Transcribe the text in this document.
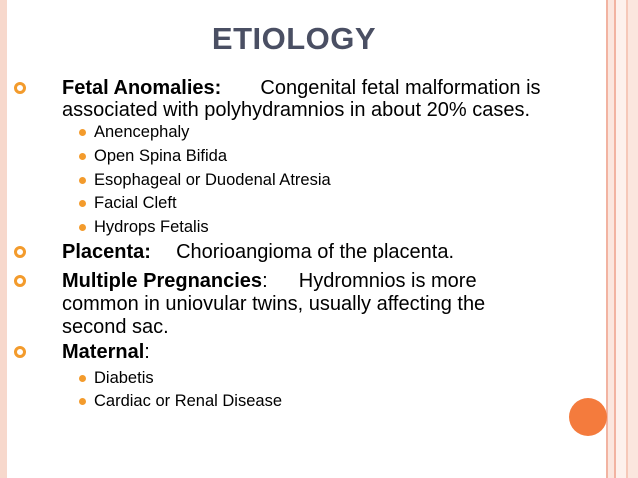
ETIOLOGY
Fetal Anomalies: Congenital fetal malformation is
associated with polyhydramnios in about 20% cases.
Anencephaly
Open Spina Bifida
Esophageal or Duodenal Atresia
Facial Cleft
Hydrops Fetalis
Placenta: Chorioangioma of the placenta.
Multiple Pregnancies: Hydromnios is more
common in uniovular twins, usually affecting the
second sac.
Maternal:
Diabetis
Cardiac or Renal Disease
